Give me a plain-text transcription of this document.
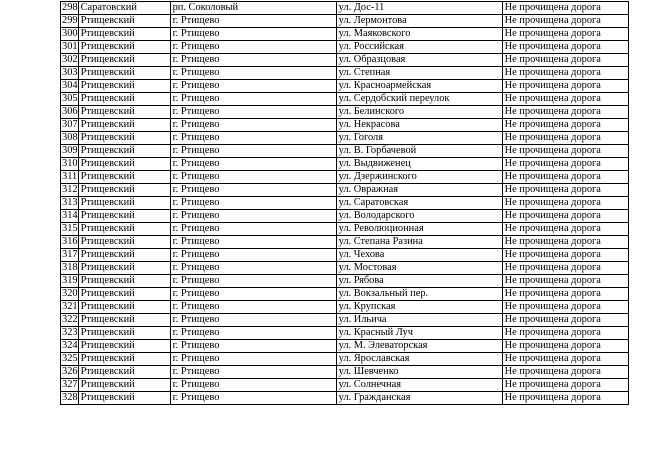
298	Саратовский	рп. Соколовый	ул. Дос-11	Не прочищена дорога
299	Ртищевский	г. Ртищево	ул. Лермонтова	Не прочищена дорога
300	Ртищевский	г. Ртищево	ул. Маяковского	Не прочищена дорога
301	Ртищевский	г. Ртищево	ул. Российская	Не прочищена дорога
302	Ртищевский	г. Ртищево	ул. Образцовая	Не прочищена дорога
303	Ртищевский	г. Ртищево	ул. Степная	Не прочищена дорога
304	Ртищевский	г. Ртищево	ул. Красноармейская	Не прочищена дорога
305	Ртищевский	г. Ртищево	ул. Сердобский переулок	Не прочищена дорога
306	Ртищевский	г. Ртищево	ул. Белинского	Не прочищена дорога
307	Ртищевский	г. Ртищево	ул. Некрасова	Не прочищена дорога
308	Ртищевский	г. Ртищево	ул. Гоголя	Не прочищена дорога
309	Ртищевский	г. Ртищево	ул. В. Горбачевой	Не прочищена дорога
310	Ртищевский	г. Ртищево	ул. Выдвиженец	Не прочищена дорога
311	Ртищевский	г. Ртищево	ул. Дзержинского	Не прочищена дорога
312	Ртищевский	г. Ртищево	ул. Овражная	Не прочищена дорога
313	Ртищевский	г. Ртищево	ул. Саратовская	Не прочищена дорога
314	Ртищевский	г. Ртищево	ул. Володарского	Не прочищена дорога
315	Ртищевский	г. Ртищево	ул. Революционная	Не прочищена дорога
316	Ртищевский	г. Ртищево	ул. Степана Разина	Не прочищена дорога
317	Ртищевский	г. Ртищево	ул. Чехова	Не прочищена дорога
318	Ртищевский	г. Ртищево	ул. Мостовая	Не прочищена дорога
319	Ртищевский	г. Ртищево	ул. Рябова	Не прочищена дорога
320	Ртищевский	г. Ртищево	ул. Вокзальный пер.	Не прочищена дорога
321	Ртищевский	г. Ртищево	ул. Крупская	Не прочищена дорога
322	Ртищевский	г. Ртищево	ул. Ильича	Не прочищена дорога
323	Ртищевский	г. Ртищево	ул. Красный Луч	Не прочищена дорога
324	Ртищевский	г. Ртищево	ул. М. Элеваторская	Не прочищена дорога
325	Ртищевский	г. Ртищево	ул. Ярославская	Не прочищена дорога
326	Ртищевский	г. Ртищево	ул. Шевченко	Не прочищена дорога
327	Ртищевский	г. Ртищево	ул. Солнечная	Не прочищена дорога
328	Ртищевский	г. Ртищево	ул. Гражданская	Не прочищена дорога
